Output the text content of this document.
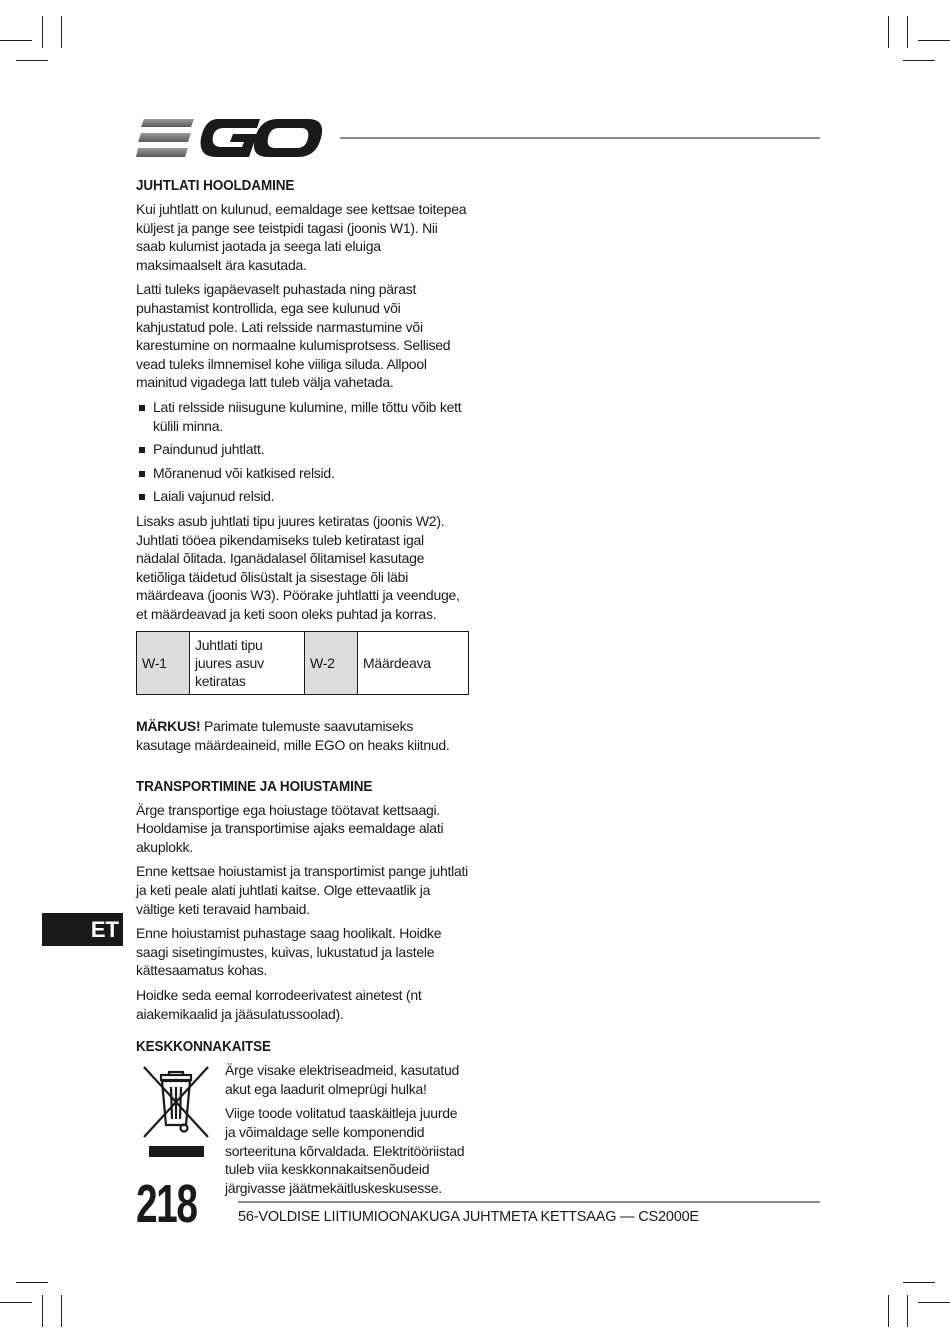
JUHTLATI HOOLDAMINE

Kui juhtlatt on kulunud, eemaldage see kettsae toitepea küljest ja pange see teistpidi tagasi (joonis W1). Nii saab kulumist jaotada ja seega lati eluiga maksimaalselt ära kasutada.

Latti tuleks igapäevaselt puhastada ning pärast puhastamist kontrollida, ega see kulunud või kahjustatud pole. Lati relsside narmastumine või karestumine on normaalne kulumisprotsess. Sellised vead tuleks ilmnemisel kohe viiliga siluda. Allpool mainitud vigadega latt tuleb välja vahetada.

Lati relsside niisugune kulumine, mille tõttu võib kett külili minna.
Paindunud juhtlatt.
Mõranenud või katkised relsid.
Laiali vajunud relsid.

Lisaks asub juhtlati tipu juures ketiratas (joonis W2). Juhtlati tööea pikendamiseks tuleb ketiratast igal nädalal õlitada. Iganädalasel õlitamisel kasutage ketiõliga täidetud õlisüstalt ja sisestage õli läbi määrdeava (joonis W3). Pöörake juhtlatti ja veenduge, et määrdeavad ja keti soon oleks puhtad ja korras.

W-1	Juhtlati tipu juures asuv ketiratas	W-2	Määrdeava

MÄRKUS! Parimate tulemuste saavutamiseks kasutage määrdeaineid, mille EGO on heaks kiitnud.

TRANSPORTIMINE JA HOIUSTAMINE

Ärge transportige ega hoiustage töötavat kettsaagi. Hooldamise ja transportimise ajaks eemaldage alati akuplokk.

Enne kettsae hoiustamist ja transportimist pange juhtlati ja keti peale alati juhtlati kaitse. Olge ettevaatlik ja vältige keti teravaid hambaid.

Enne hoiustamist puhastage saag hoolikalt. Hoidke saagi sisetingimustes, kuivas, lukustatud ja lastele kättesaamatus kohas.

Hoidke seda eemal korrodeerivatest ainetest (nt aiakemikaalid ja jääsulatussoolad).

KESKKONNAKAITSE

Ärge visake elektriseadmeid, kasutatud akut ega laadurit olmeprügi hulka!

Viige toode volitatud taaskäitleja juurde ja võimaldage selle komponendid sorteerituna kõrvaldada. Elektritööriistad tuleb viia keskkonnakaitsenõudeid järgivasse jäätmekäitluskeskusesse.

ET
218	56-VOLDISE LIITIUMIOONAKUGA JUHTMETA KETTSAAG — CS2000E
